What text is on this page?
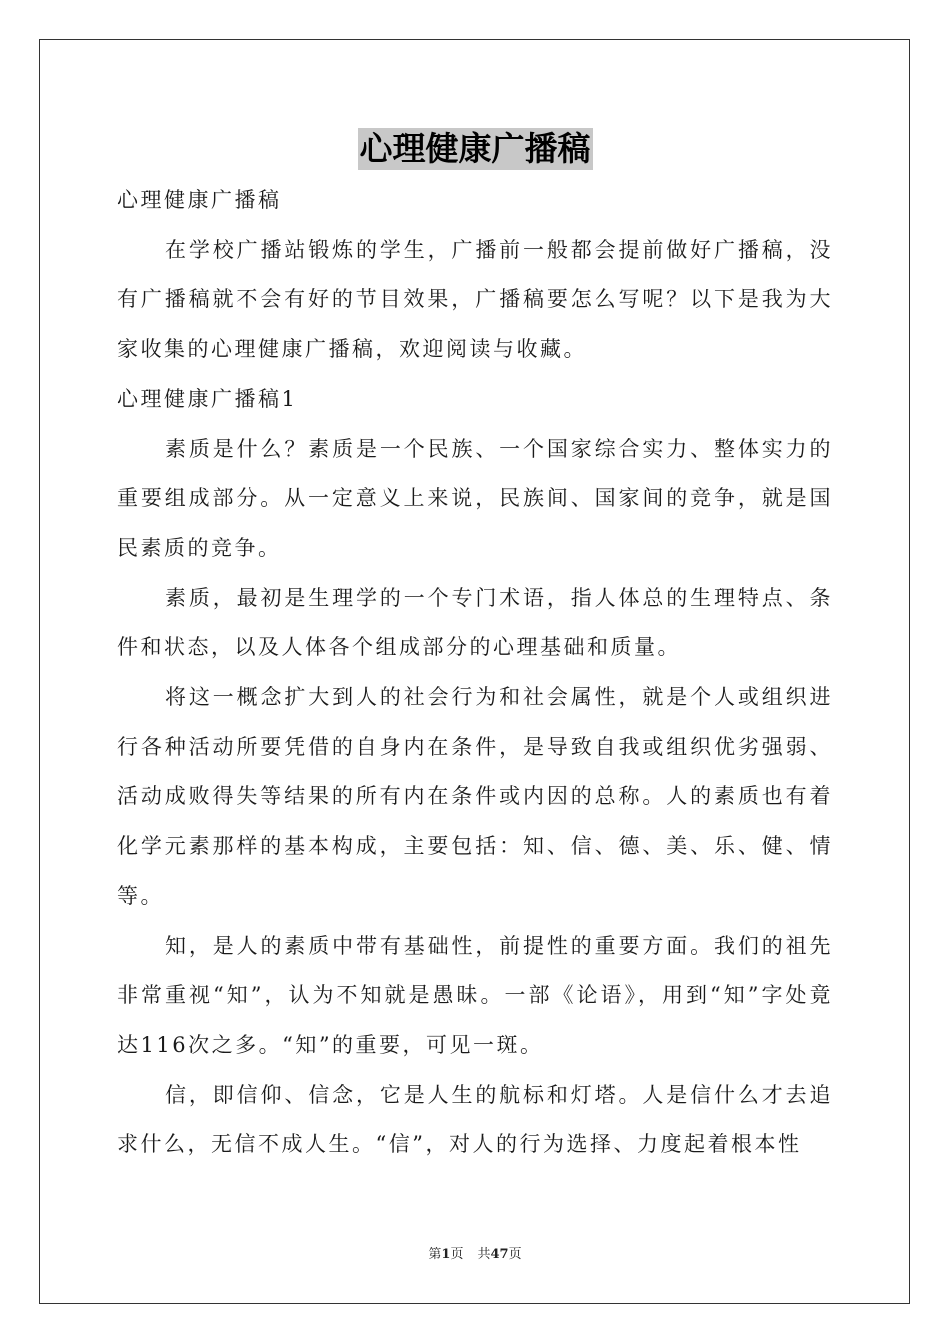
心理健康广播稿

心理健康广播稿

在学校广播站锻炼的学生，广播前一般都会提前做好广播稿，没有广播稿就不会有好的节目效果，广播稿要怎么写呢？以下是我为大家收集的心理健康广播稿，欢迎阅读与收藏。

心理健康广播稿1

素质是什么？素质是一个民族、一个国家综合实力、整体实力的重要组成部分。从一定意义上来说，民族间、国家间的竞争，就是国民素质的竞争。

素质，最初是生理学的一个专门术语，指人体总的生理特点、条件和状态，以及人体各个组成部分的心理基础和质量。

将这一概念扩大到人的社会行为和社会属性，就是个人或组织进行各种活动所要凭借的自身内在条件，是导致自我或组织优劣强弱、活动成败得失等结果的所有内在条件或内因的总称。人的素质也有着化学元素那样的基本构成，主要包括：知、信、德、美、乐、健、情等。

知，是人的素质中带有基础性，前提性的重要方面。我们的祖先非常重视“知”，认为不知就是愚昧。一部《论语》，用到“知”字处竟达116次之多。“知”的重要，可见一斑。

信，即信仰、信念，它是人生的航标和灯塔。人是信什么才去追求什么，无信不成人生。“信”，对人的行为选择、力度起着根本性

第1页 共47页
